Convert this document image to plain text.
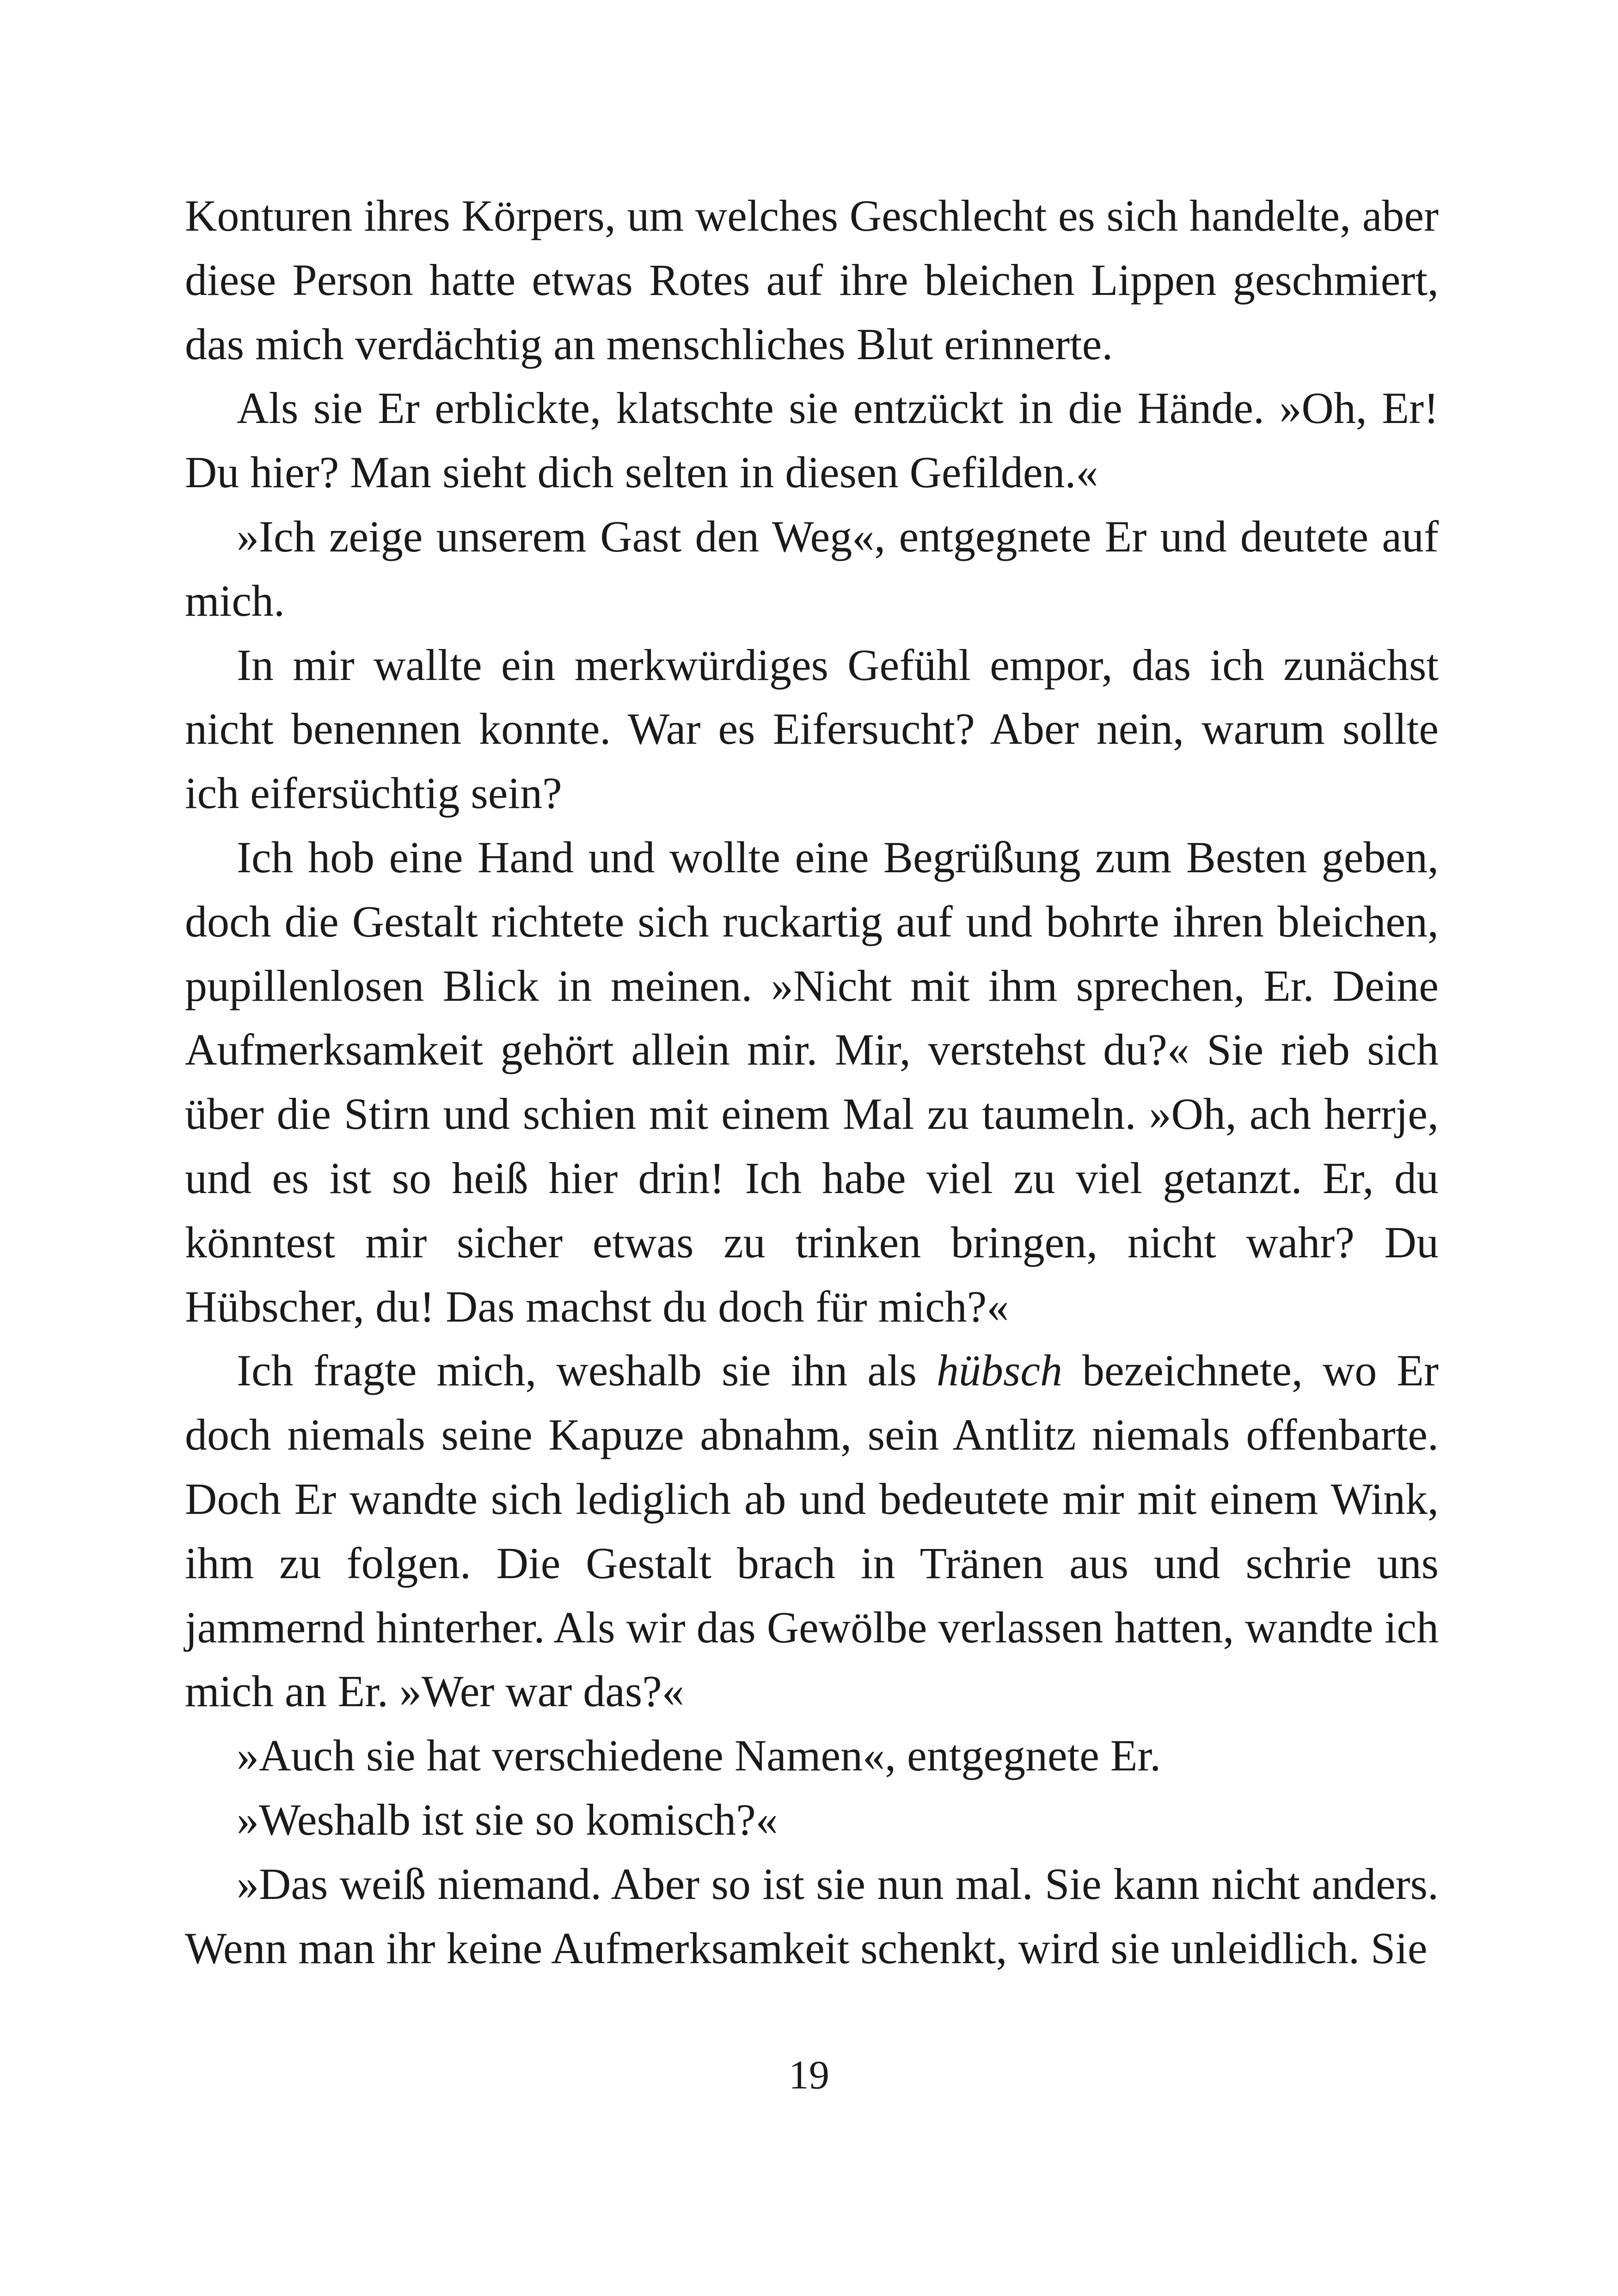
Konturen ihres Körpers, um welches Geschlecht es sich handelte, aber diese Person hatte etwas Rotes auf ihre bleichen Lippen geschmiert, das mich verdächtig an menschliches Blut erinnerte.

Als sie Er erblickte, klatschte sie entzückt in die Hände. »Oh, Er! Du hier? Man sieht dich selten in diesen Gefilden.«

»Ich zeige unserem Gast den Weg«, entgegnete Er und deutete auf mich.

In mir wallte ein merkwürdiges Gefühl empor, das ich zunächst nicht benennen konnte. War es Eifersucht? Aber nein, warum sollte ich eifersüchtig sein?

Ich hob eine Hand und wollte eine Begrüßung zum Besten geben, doch die Gestalt richtete sich ruckartig auf und bohrte ihren bleichen, pupillenlosen Blick in meinen. »Nicht mit ihm sprechen, Er. Deine Aufmerksamkeit gehört allein mir. Mir, verstehst du?« Sie rieb sich über die Stirn und schien mit einem Mal zu taumeln. »Oh, ach herrje, und es ist so heiß hier drin! Ich habe viel zu viel getanzt. Er, du könntest mir sicher etwas zu trinken bringen, nicht wahr? Du Hübscher, du! Das machst du doch für mich?«

Ich fragte mich, weshalb sie ihn als hübsch bezeichnete, wo Er doch niemals seine Kapuze abnahm, sein Antlitz niemals offenbarte. Doch Er wandte sich lediglich ab und bedeutete mir mit einem Wink, ihm zu folgen. Die Gestalt brach in Tränen aus und schrie uns jammernd hinterher. Als wir das Gewölbe verlassen hatten, wandte ich mich an Er. »Wer war das?«

»Auch sie hat verschiedene Namen«, entgegnete Er.

»Weshalb ist sie so komisch?«

»Das weiß niemand. Aber so ist sie nun mal. Sie kann nicht anders. Wenn man ihr keine Aufmerksamkeit schenkt, wird sie unleidlich. Sie

19
